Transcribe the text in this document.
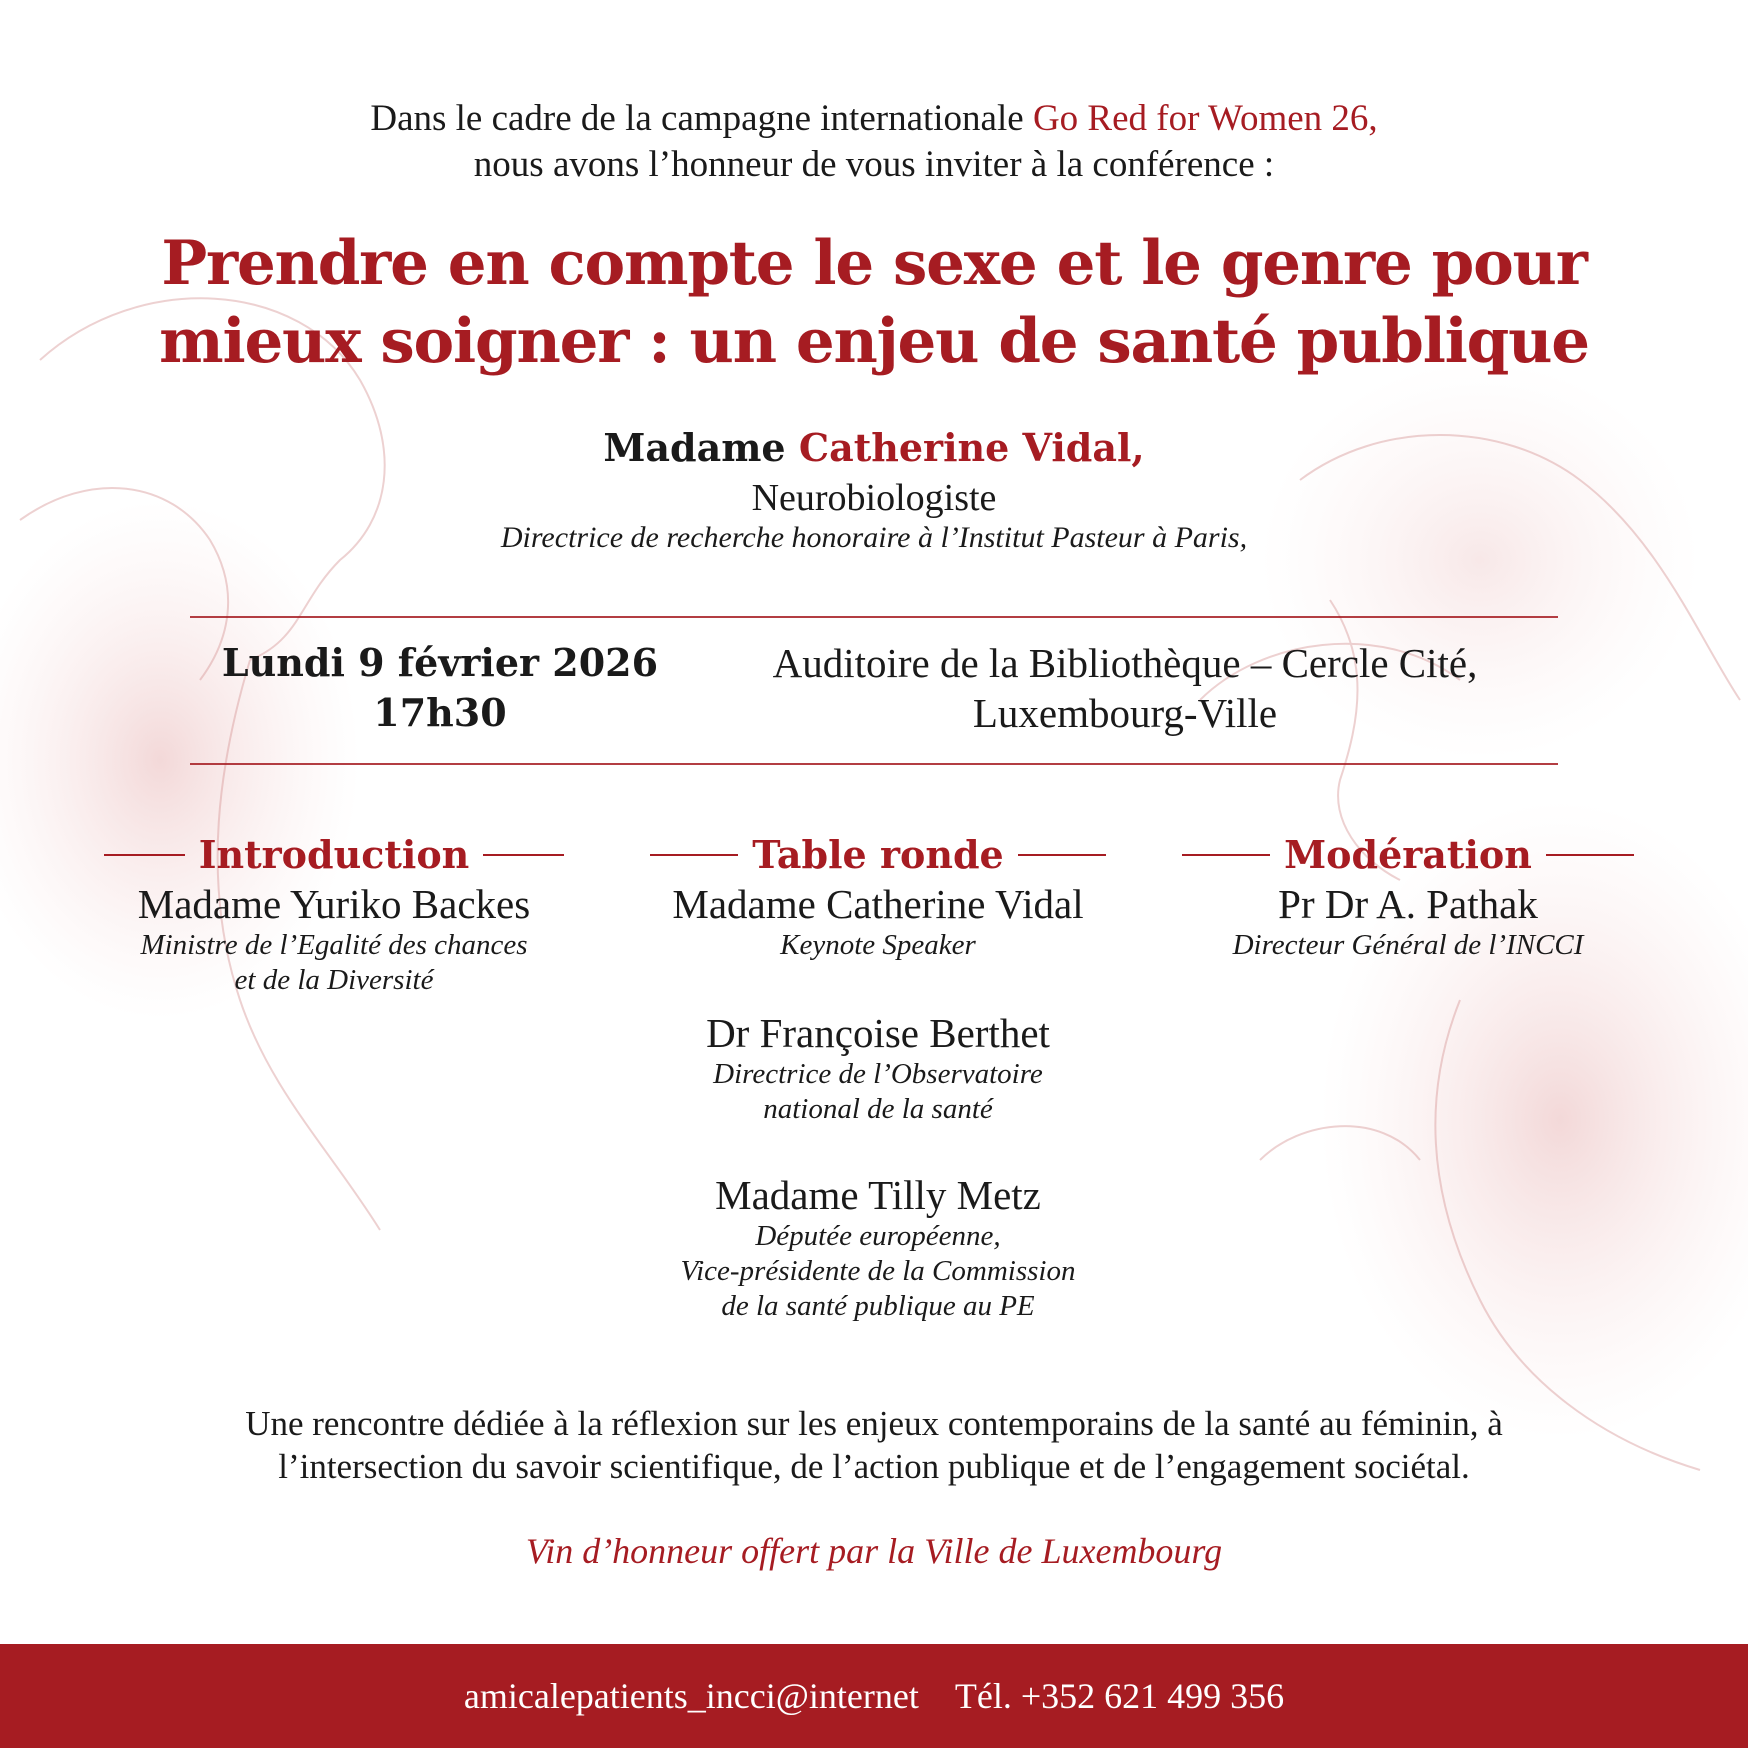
Dans le cadre de la campagne internationale Go Red for Women 26,
nous avons l’honneur de vous inviter à la conférence :
Prendre en compte le sexe et le genre pour
mieux soigner : un enjeu de santé publique
Madame Catherine Vidal,
Neurobiologiste
Directrice de recherche honoraire à l’Institut Pasteur à Paris,
Lundi 9 février 2026
17h30
Auditoire de la Bibliothèque – Cercle Cité,
Luxembourg-Ville
Introduction
Madame Yuriko Backes
Ministre de l’Egalité des chances
et de la Diversité
Table ronde
Madame Catherine Vidal
Keynote Speaker
Dr Françoise Berthet
Directrice de l’Observatoire
national de la santé
Madame Tilly Metz
Députée européenne,
Vice-présidente de la Commission
de la santé publique au PE
Modération
Pr Dr A. Pathak
Directeur Général de l’INCCI
Une rencontre dédiée à la réflexion sur les enjeux contemporains de la santé au féminin, à
l’intersection du savoir scientifique, de l’action publique et de l’engagement sociétal.
Vin d’honneur offert par la Ville de Luxembourg
amicalepatients_incci@internet Tél. +352 621 499 356
